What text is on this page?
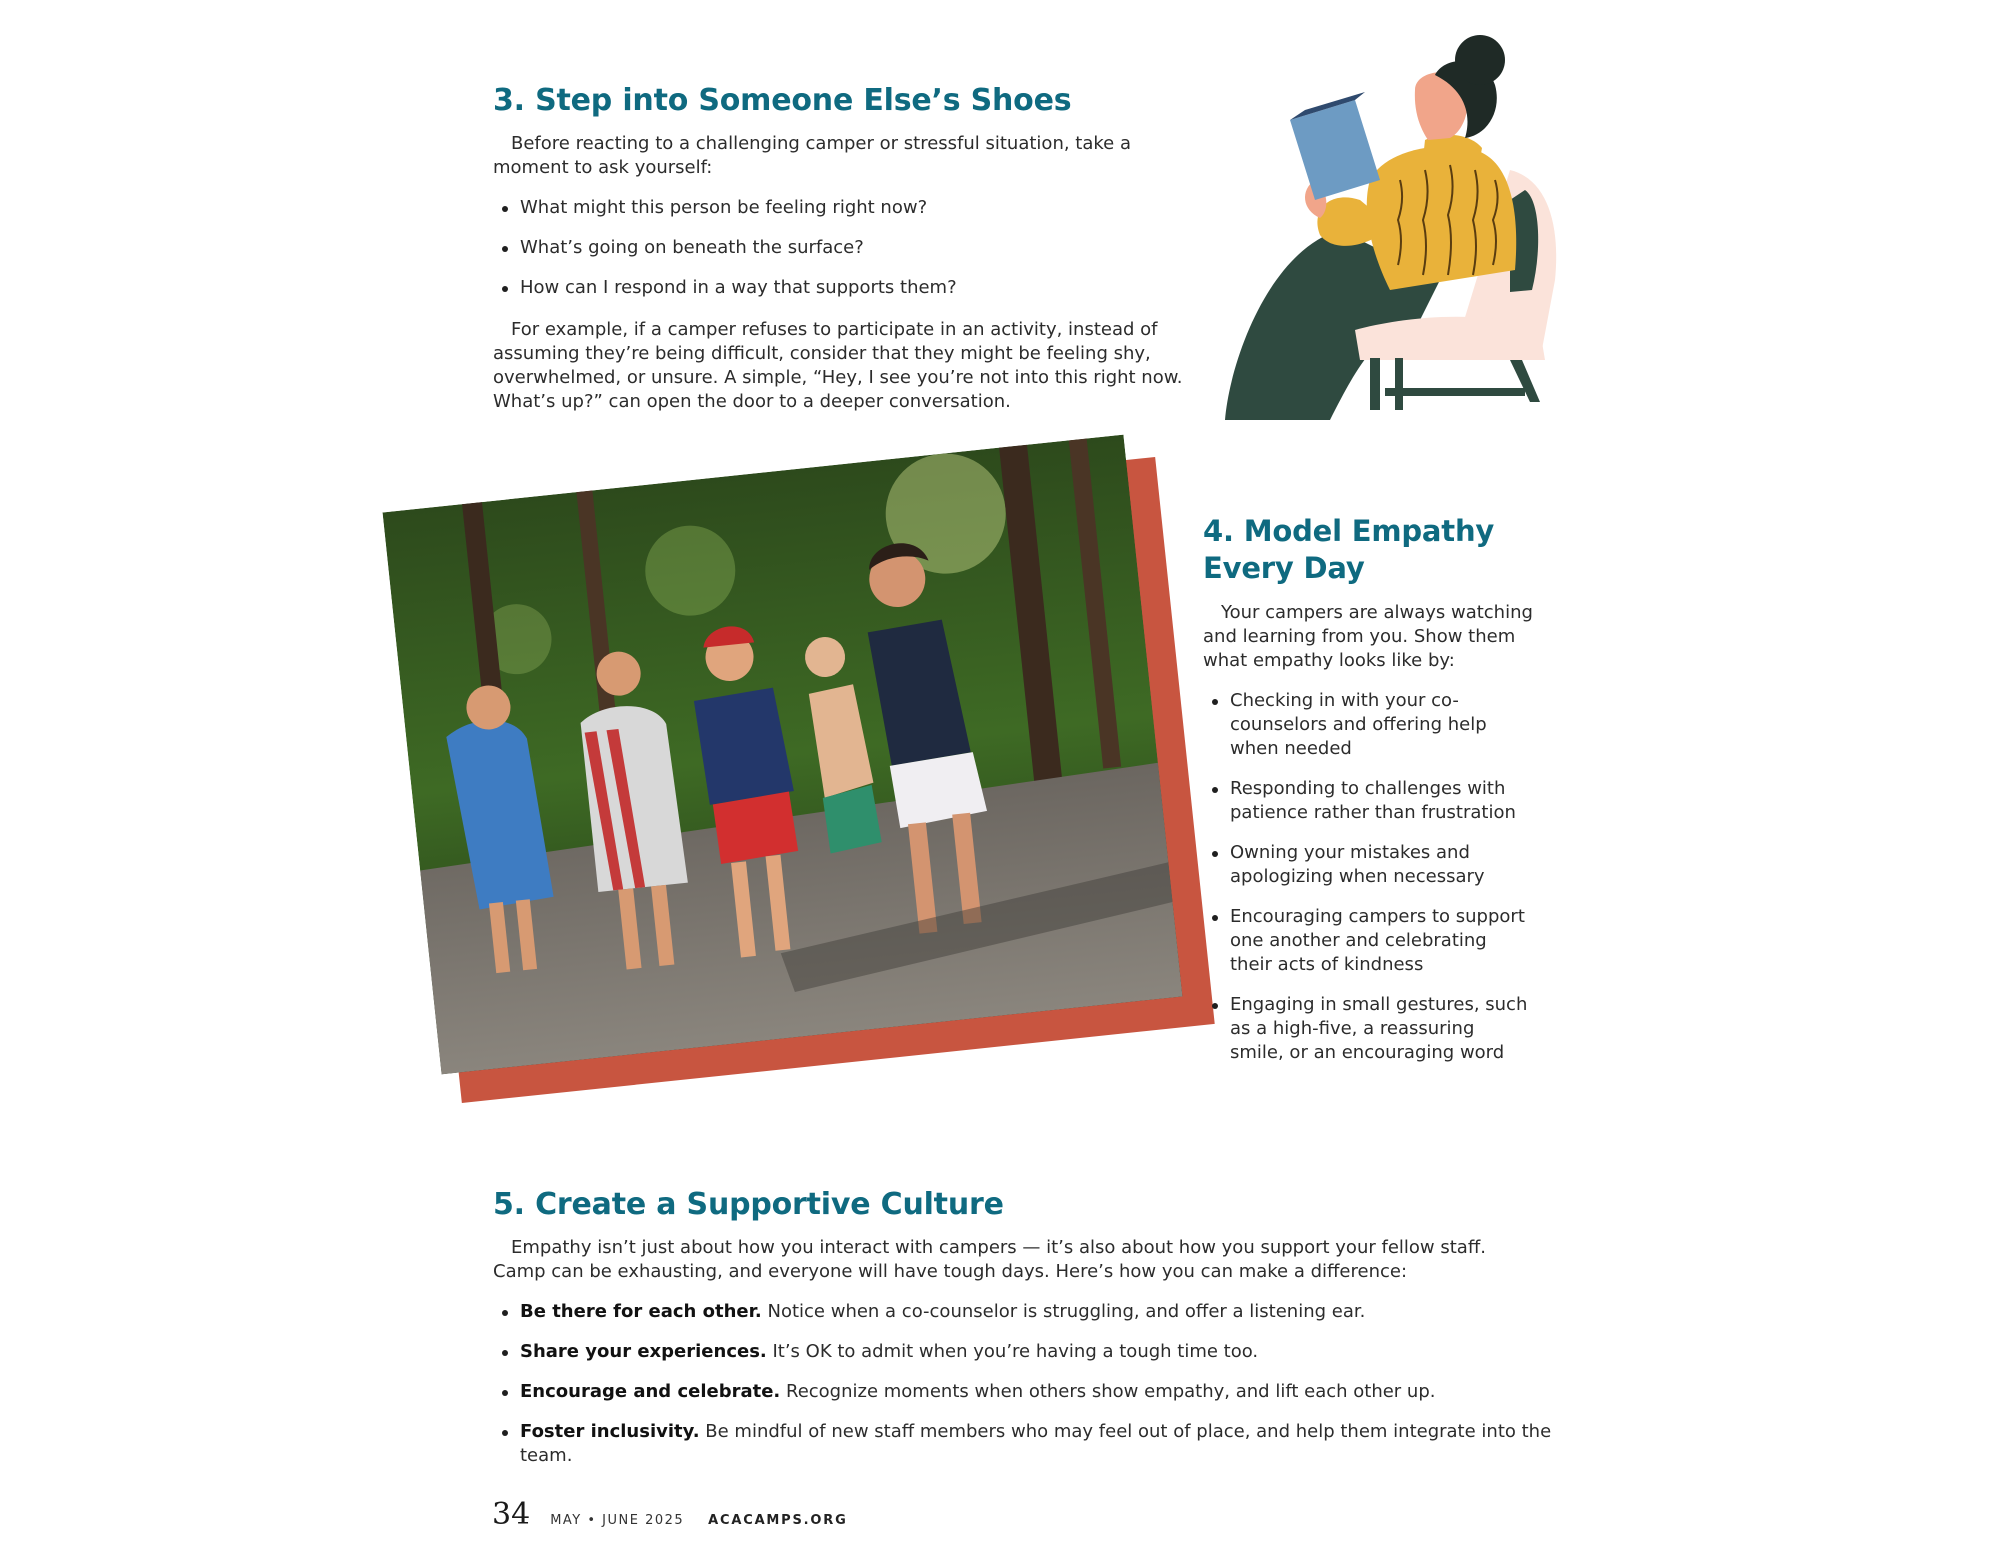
3. Step into Someone Else’s Shoes

Before reacting to a challenging camper or stressful situation, take a moment to ask yourself:

What might this person be feeling right now?
What’s going on beneath the surface?
How can I respond in a way that supports them?

For example, if a camper refuses to participate in an activity, instead of assuming they’re being difficult, consider that they might be feeling shy, overwhelmed, or unsure. A simple, “Hey, I see you’re not into this right now. What’s up?” can open the door to a deeper conversation.

4. Model Empathy
Every Day

Your campers are always watching and learning from you. Show them what empathy looks like by:

Checking in with your co-counselors and offering help when needed
Responding to challenges with patience rather than frustration
Owning your mistakes and apologizing when necessary
Encouraging campers to support one another and celebrating their acts of kindness
Engaging in small gestures, such as a high-five, a reassuring smile, or an encouraging word
5. Create a Supportive Culture

Empathy isn’t just about how you interact with campers — it’s also about how you support your fellow staff. Camp can be exhausting, and everyone will have tough days. Here’s how you can make a difference:

Be there for each other. Notice when a co-counselor is struggling, and offer a listening ear.
Share your experiences. It’s OK to admit when you’re having a tough time too.
Encourage and celebrate. Recognize moments when others show empathy, and lift each other up.
Foster inclusivity. Be mindful of new staff members who may feel out of place, and help them integrate into the team.
34 MAY • JUNE 2025 ACACAMPS.ORG
